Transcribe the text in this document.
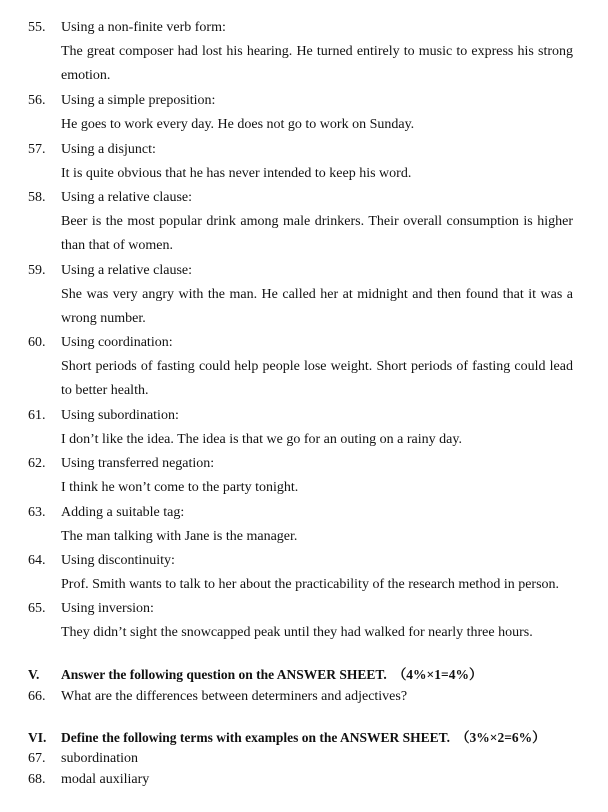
55.	Using a non-finite verb form:
The great composer had lost his hearing. He turned entirely to music to express his strong emotion.
56.	Using a simple preposition:
He goes to work every day. He does not go to work on Sunday.
57.	Using a disjunct:
It is quite obvious that he has never intended to keep his word.
58.	Using a relative clause:
Beer is the most popular drink among male drinkers. Their overall consumption is higher than that of women.
59.	Using a relative clause:
She was very angry with the man. He called her at midnight and then found that it was a wrong number.
60.	Using coordination:
Short periods of fasting could help people lose weight. Short periods of fasting could lead to better health.
61.	Using subordination:
I don’t like the idea. The idea is that we go for an outing on a rainy day.
62.	Using transferred negation:
I think he won’t come to the party tonight.
63.	Adding a suitable tag:
The man talking with Jane is the manager.
64.	Using discontinuity:
Prof. Smith wants to talk to her about the practicability of the research method in person.
65.	Using inversion:
They didn’t sight the snowcapped peak until they had walked for nearly three hours.
V. Answer the following question on the ANSWER SHEET. （4%×1=4%）
66. What are the differences between determiners and adjectives?
VI. Define the following terms with examples on the ANSWER SHEET. （3%×2=6%）
67. subordination
68. modal auxiliary
